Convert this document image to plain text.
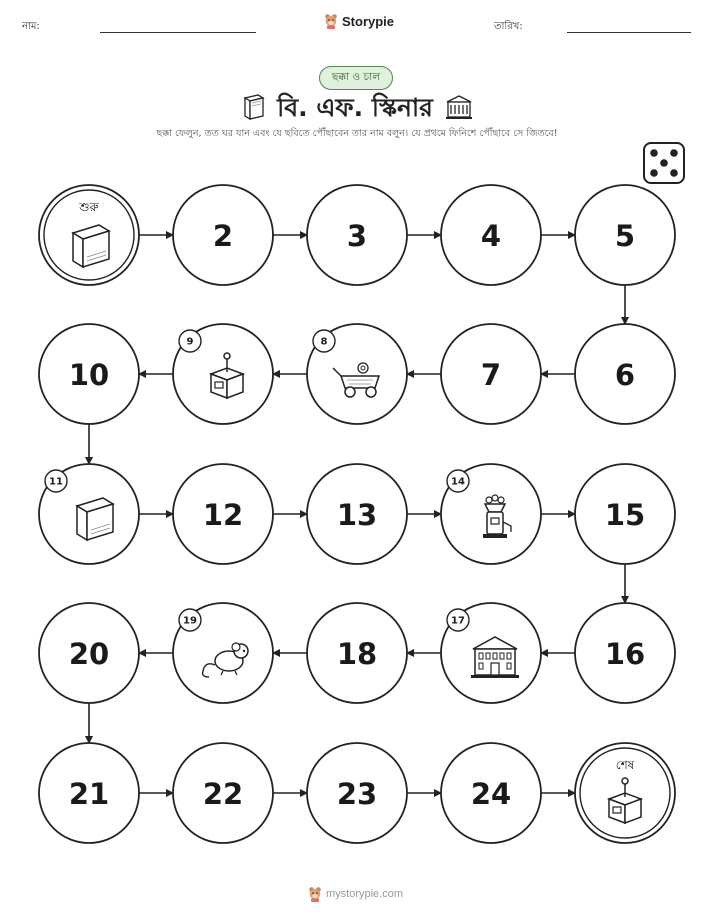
নাম:	Storypie	তারিখ:
ছক্কা ও চাল
বি. এফ. স্কিনার
ছক্কা ফেলুন, তত ঘর যান এবং যে ছবিতে পৌঁছাবেন তার নাম বলুন। যে প্রথমে ফিনিশে পৌঁছাবে সে জিতবে!
শুরু
2	3	4	5
6
7
8
9
10
11
12	13
14
15
16
17
18
19
20
21	22	23	24
শেষ
mystorypie.com
